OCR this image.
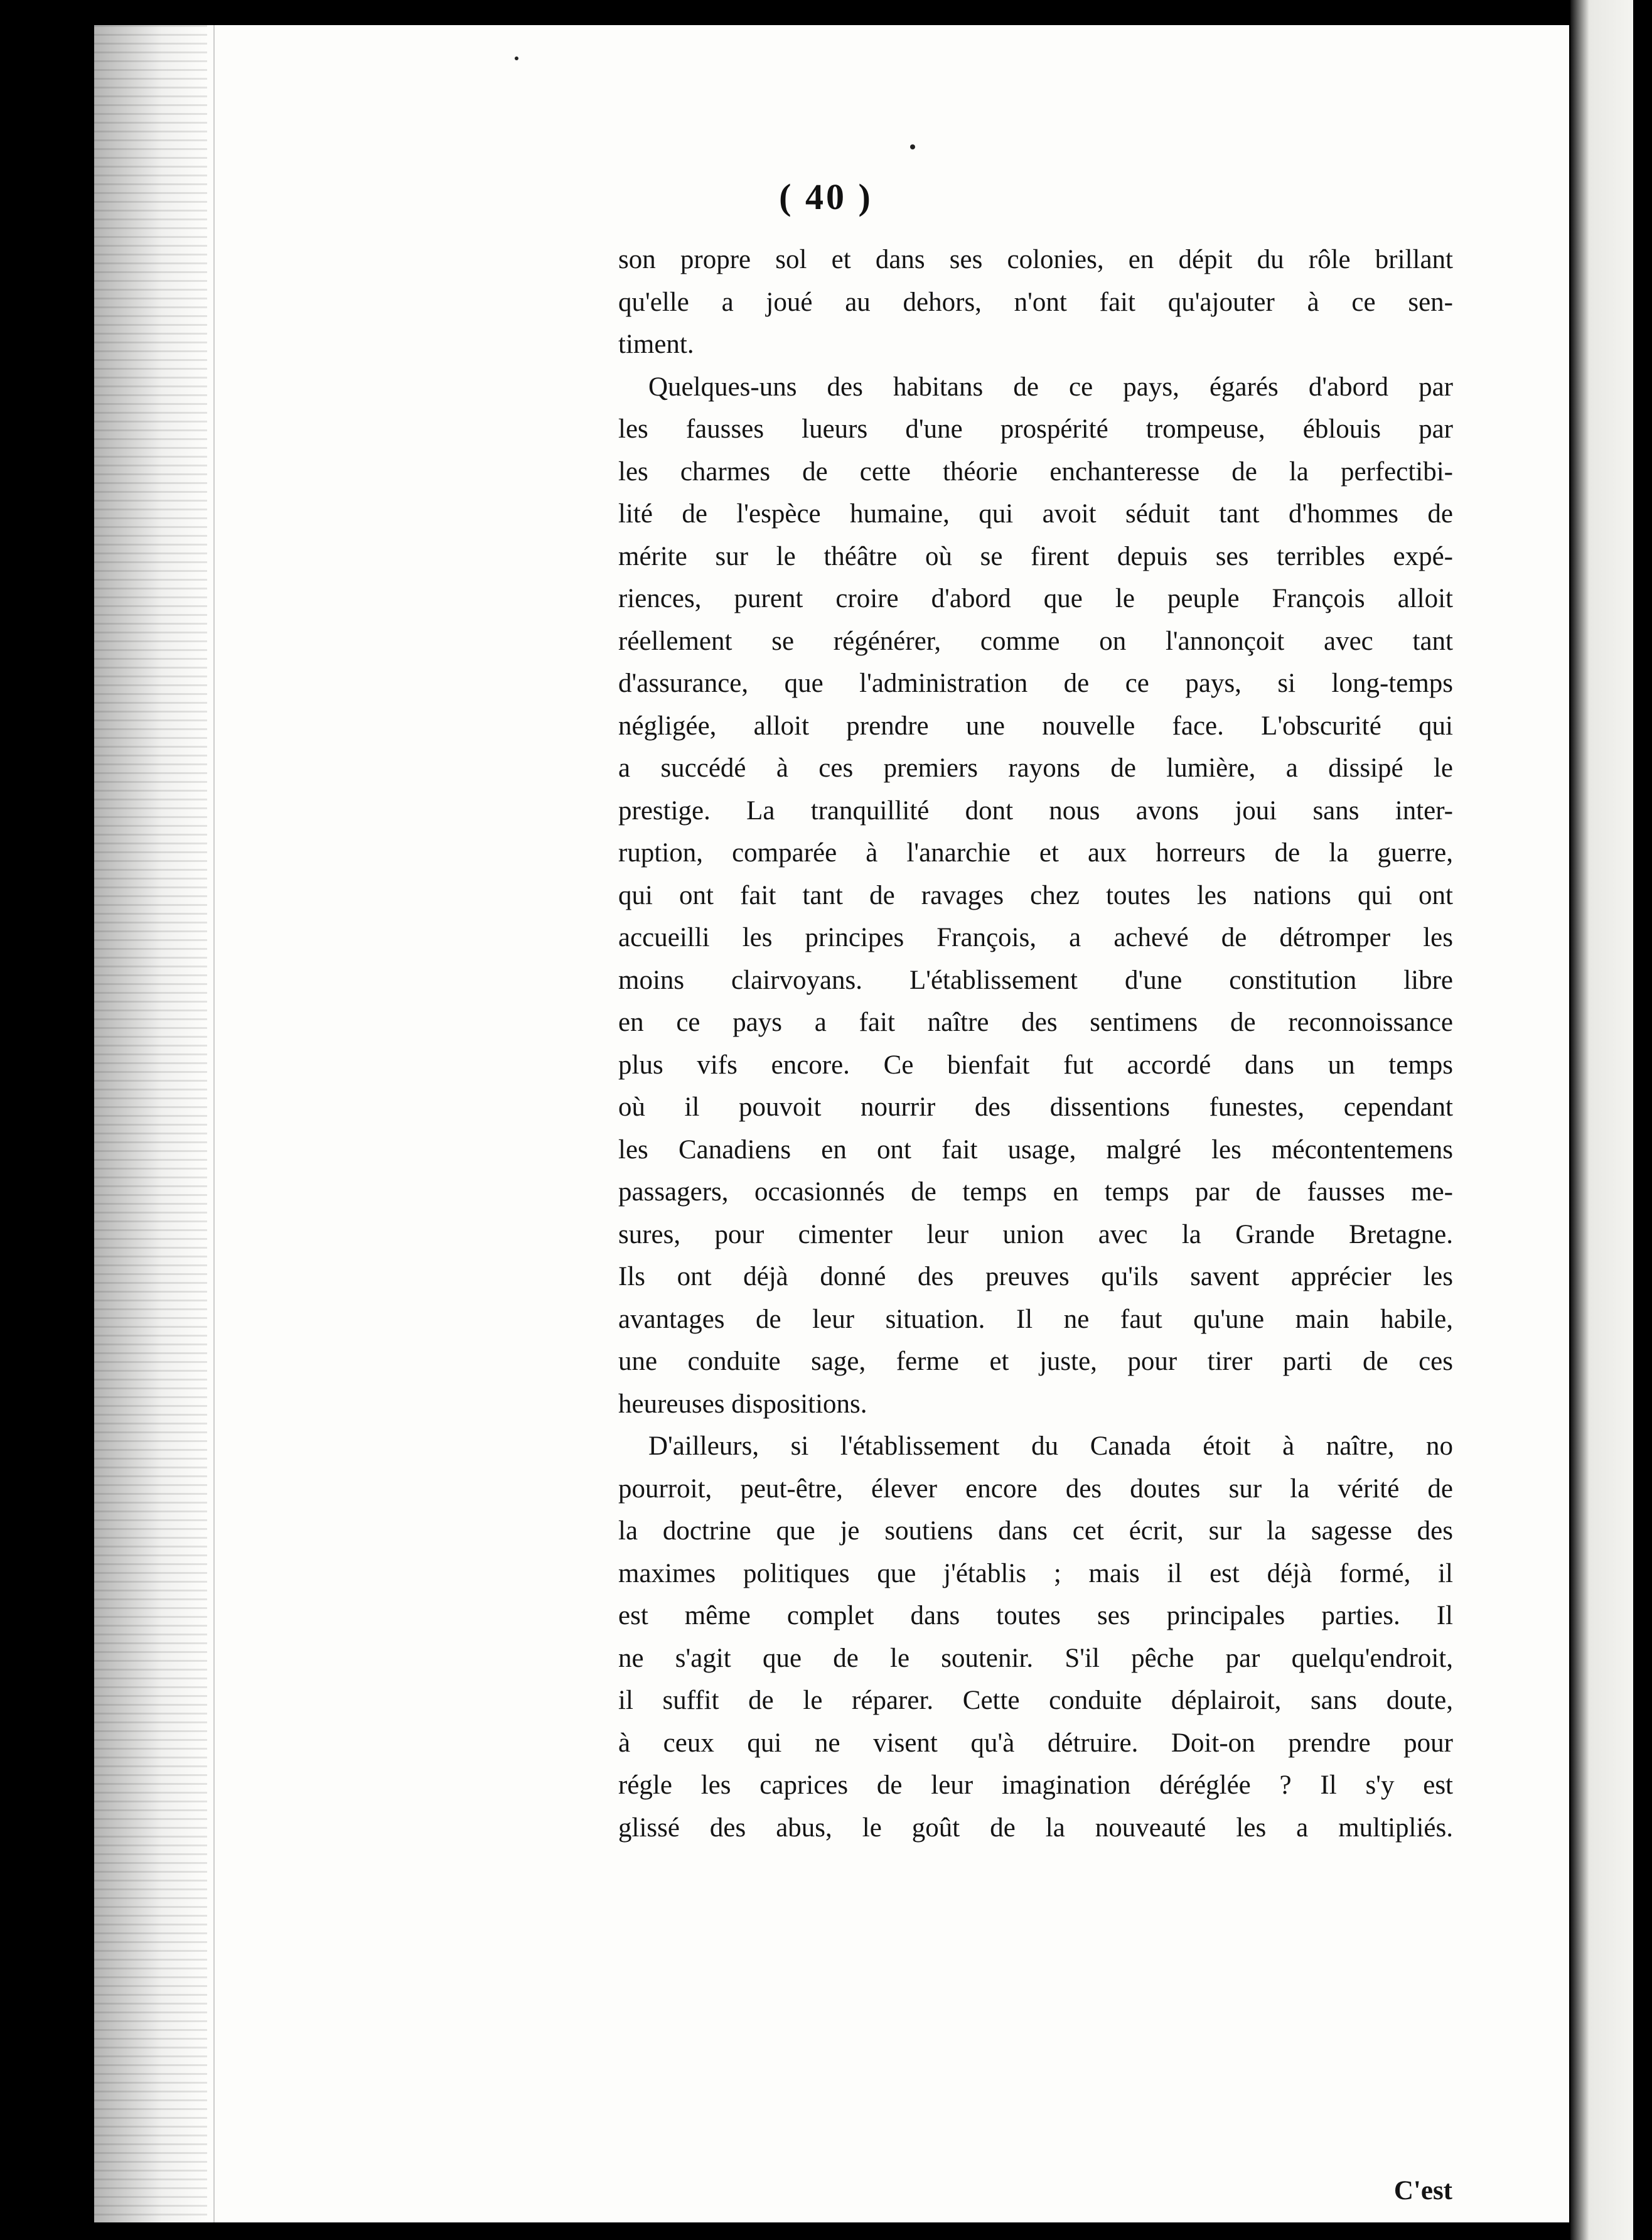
( 40 )
son propre sol et dans ses colonies, en dépit du rôle brillant
qu'elle a joué au dehors, n'ont fait qu'ajouter à ce sen-
timent.
Quelques-uns des habitans de ce pays, égarés d'abord par
les fausses lueurs d'une prospérité trompeuse, éblouis par
les charmes de cette théorie enchanteresse de la perfectibi-
lité de l'espèce humaine, qui avoit séduit tant d'hommes de
mérite sur le théâtre où se firent depuis ses terribles expé-
riences, purent croire d'abord que le peuple François alloit
réellement se régénérer, comme on l'annonçoit avec tant
d'assurance, que l'administration de ce pays, si long-temps
négligée, alloit prendre une nouvelle face. L'obscurité qui
a succédé à ces premiers rayons de lumière, a dissipé le
prestige. La tranquillité dont nous avons joui sans inter-
ruption, comparée à l'anarchie et aux horreurs de la guerre,
qui ont fait tant de ravages chez toutes les nations qui ont
accueilli les principes François, a achevé de détromper les
moins clairvoyans. L'établissement d'une constitution libre
en ce pays a fait naître des sentimens de reconnoissance
plus vifs encore. Ce bienfait fut accordé dans un temps
où il pouvoit nourrir des dissentions funestes, cependant
les Canadiens en ont fait usage, malgré les mécontentemens
passagers, occasionnés de temps en temps par de fausses me-
sures, pour cimenter leur union avec la Grande Bretagne.
Ils ont déjà donné des preuves qu'ils savent apprécier les
avantages de leur situation. Il ne faut qu'une main habile,
une conduite sage, ferme et juste, pour tirer parti de ces
heureuses dispositions.
D'ailleurs, si l'établissement du Canada étoit à naître, no
pourroit, peut-être, élever encore des doutes sur la vérité de
la doctrine que je soutiens dans cet écrit, sur la sagesse des
maximes politiques que j'établis ; mais il est déjà formé, il
est même complet dans toutes ses principales parties. Il
ne s'agit que de le soutenir. S'il pêche par quelqu'endroit,
il suffit de le réparer. Cette conduite déplairoit, sans doute,
à ceux qui ne visent qu'à détruire. Doit-on prendre pour
régle les caprices de leur imagination déréglée ? Il s'y est
glissé des abus, le goût de la nouveauté les a multipliés.
C'est
